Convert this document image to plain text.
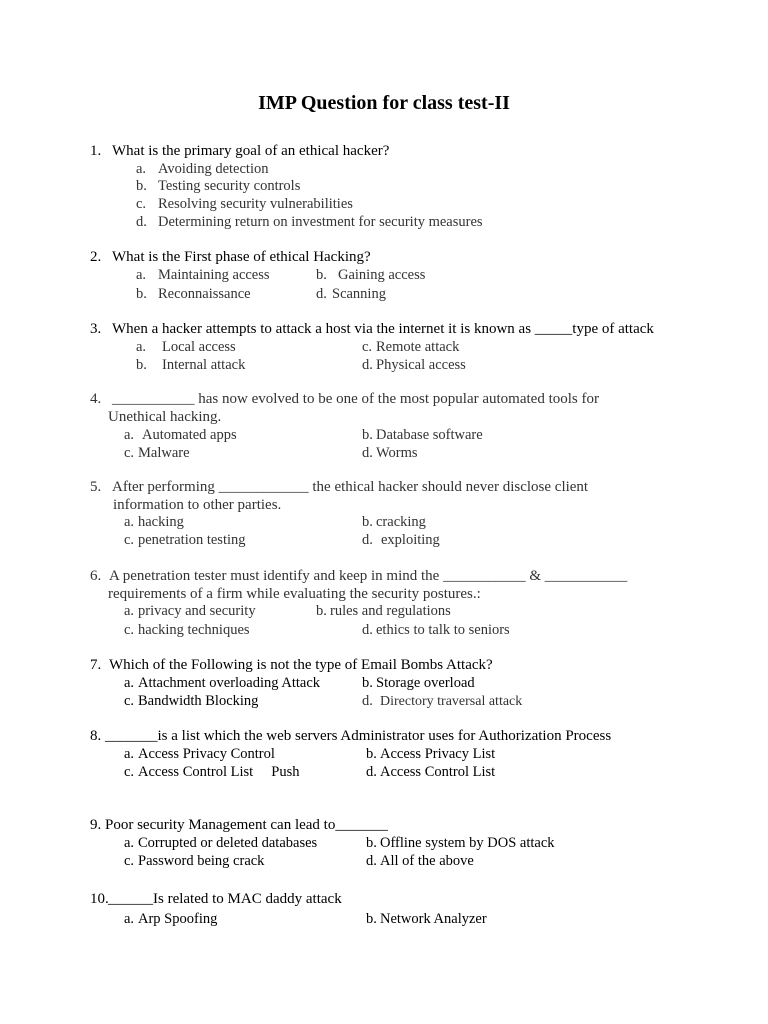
IMP Question for class test-II
1. What is the primary goal of an ethical hacker?
a. Avoiding detection
b. Testing security controls
c. Resolving security vulnerabilities
d. Determining return on investment for security measures
2. What is the First phase of ethical Hacking?
a. Maintaining access	b. Gaining access
b. Reconnaissance	d. Scanning
3. When a hacker attempts to attack a host via the internet it is known as _____type of attack
a. Local access	c. Remote attack
b. Internal attack	d. Physical access
4. ___________ has now evolved to be one of the most popular automated tools for
Unethical hacking.
a. Automated apps	b. Database software
c. Malware	d. Worms
5. After performing ____________ the ethical hacker should never disclose client
information to other parties.
a. hacking	b. cracking
c. penetration testing	d. exploiting
6. A penetration tester must identify and keep in mind the ___________ & ___________
requirements of a firm while evaluating the security postures.:
a. privacy and security	b. rules and regulations
c. hacking techniques	d. ethics to talk to seniors
7. Which of the Following is not the type of Email Bombs Attack?
a. Attachment overloading Attack	b. Storage overload
c. Bandwidth Blocking	d. Directory traversal attack
8. _______is a list which the web servers Administrator uses for Authorization Process
a. Access Privacy Control	b. Access Privacy List
c. Access Control List     Push	d. Access Control List
9. Poor security Management can lead to_______
a. Corrupted or deleted databases	b. Offline system by DOS attack
c. Password being crack	d. All of the above
10.______Is related to MAC daddy attack
a. Arp Spoofing	b. Network Analyzer
